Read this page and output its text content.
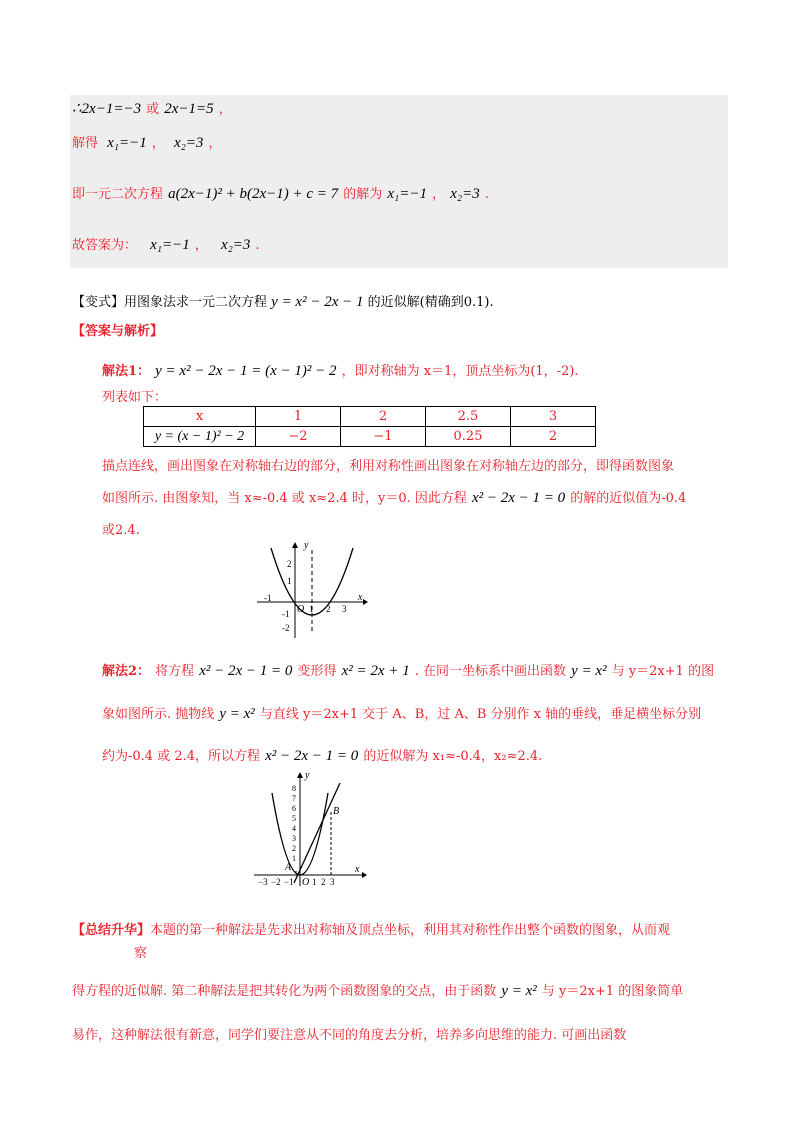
∴2x−1=−3 或 2x−1=5 ，
解得 x₁=−1 ， x₂=3 ，
即一元二次方程 a(2x−1)² + b(2x−1) + c = 7 的解为 x₁=−1 ， x₂=3 .
故答案为： x₁=−1 ， x₂=3 .
【变式】用图象法求一元二次方程 y = x² − 2x − 1 的近似解(精确到0.1).
【答案与解析】
解法1： y = x² − 2x − 1 = (x − 1)² − 2 ，即对称轴为 x＝1，顶点坐标为(1，-2).
列表如下：
x	1	2	2.5	3
y = (x − 1)² − 2	−2	−1	0.25	2
描点连线，画出图象在对称轴右边的部分，利用对称性画出图象在对称轴左边的部分，即得函数图象
如图所示. 由图象知，当 x≈-0.4 或 x≈2.4 时，y＝0. 因此方程 x² − 2x − 1 = 0 的解的近似值为-0.4
或2.4.
y
x
O
-1
1 2 3
2
1
-1
-2
解法2： 将方程 x² − 2x − 1 = 0 变形得 x² = 2x + 1 . 在同一坐标系中画出函数 y = x² 与 y＝2x+1 的图
象如图所示. 抛物线 y = x² 与直线 y＝2x+1 交于 A、B，过 A、B 分别作 x 轴的垂线，垂足横坐标分别
约为-0.4 或 2.4，所以方程 x² − 2x − 1 = 0 的近似解为 x₁≈-0.4，x₂≈2.4.
y
x
O
A
B
−3 −2 −1 1 2 3
8
7
6
5
4
3
2
1
【总结升华】本题的第一种解法是先求出对称轴及顶点坐标，利用其对称性作出整个函数的图象，从而观
察
得方程的近似解. 第二种解法是把其转化为两个函数图象的交点，由于函数 y = x² 与 y＝2x+1 的图象简单
易作，这种解法很有新意，同学们要注意从不同的角度去分析，培养多向思维的能力. 可画出函数
